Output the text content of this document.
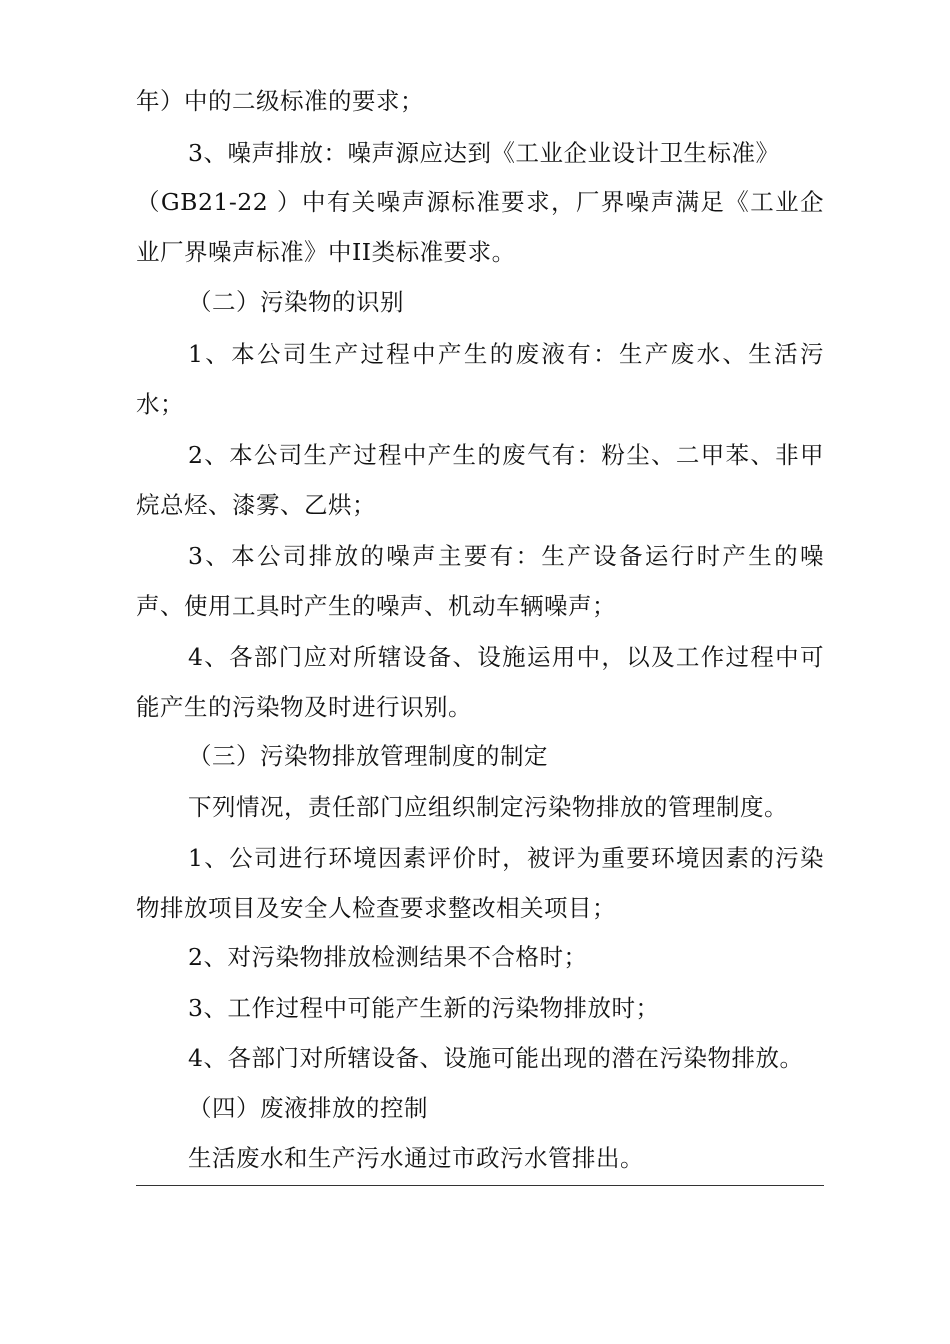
年）中的二级标准的要求；
3、噪声排放：噪声源应达到《工业企业设计卫生标准》
（GB21-22 ）中有关噪声源标准要求，厂界噪声满足《工业企
业厂界噪声标准》中II类标准要求。
（二）污染物的识别
1、本公司生产过程中产生的废液有：生产废水、生活污
水；
2、本公司生产过程中产生的废气有：粉尘、二甲苯、非甲
烷总烃、漆雾、乙烘；
3、本公司排放的噪声主要有：生产设备运行时产生的噪
声、使用工具时产生的噪声、机动车辆噪声；
4、各部门应对所辖设备、设施运用中，以及工作过程中可
能产生的污染物及时进行识别。
（三）污染物排放管理制度的制定
下列情况，责任部门应组织制定污染物排放的管理制度。
1、公司进行环境因素评价时，被评为重要环境因素的污染
物排放项目及安全人检查要求整改相关项目；
2、对污染物排放检测结果不合格时；
3、工作过程中可能产生新的污染物排放时；
4、各部门对所辖设备、设施可能出现的潜在污染物排放。
（四）废液排放的控制
生活废水和生产污水通过市政污水管排出。
